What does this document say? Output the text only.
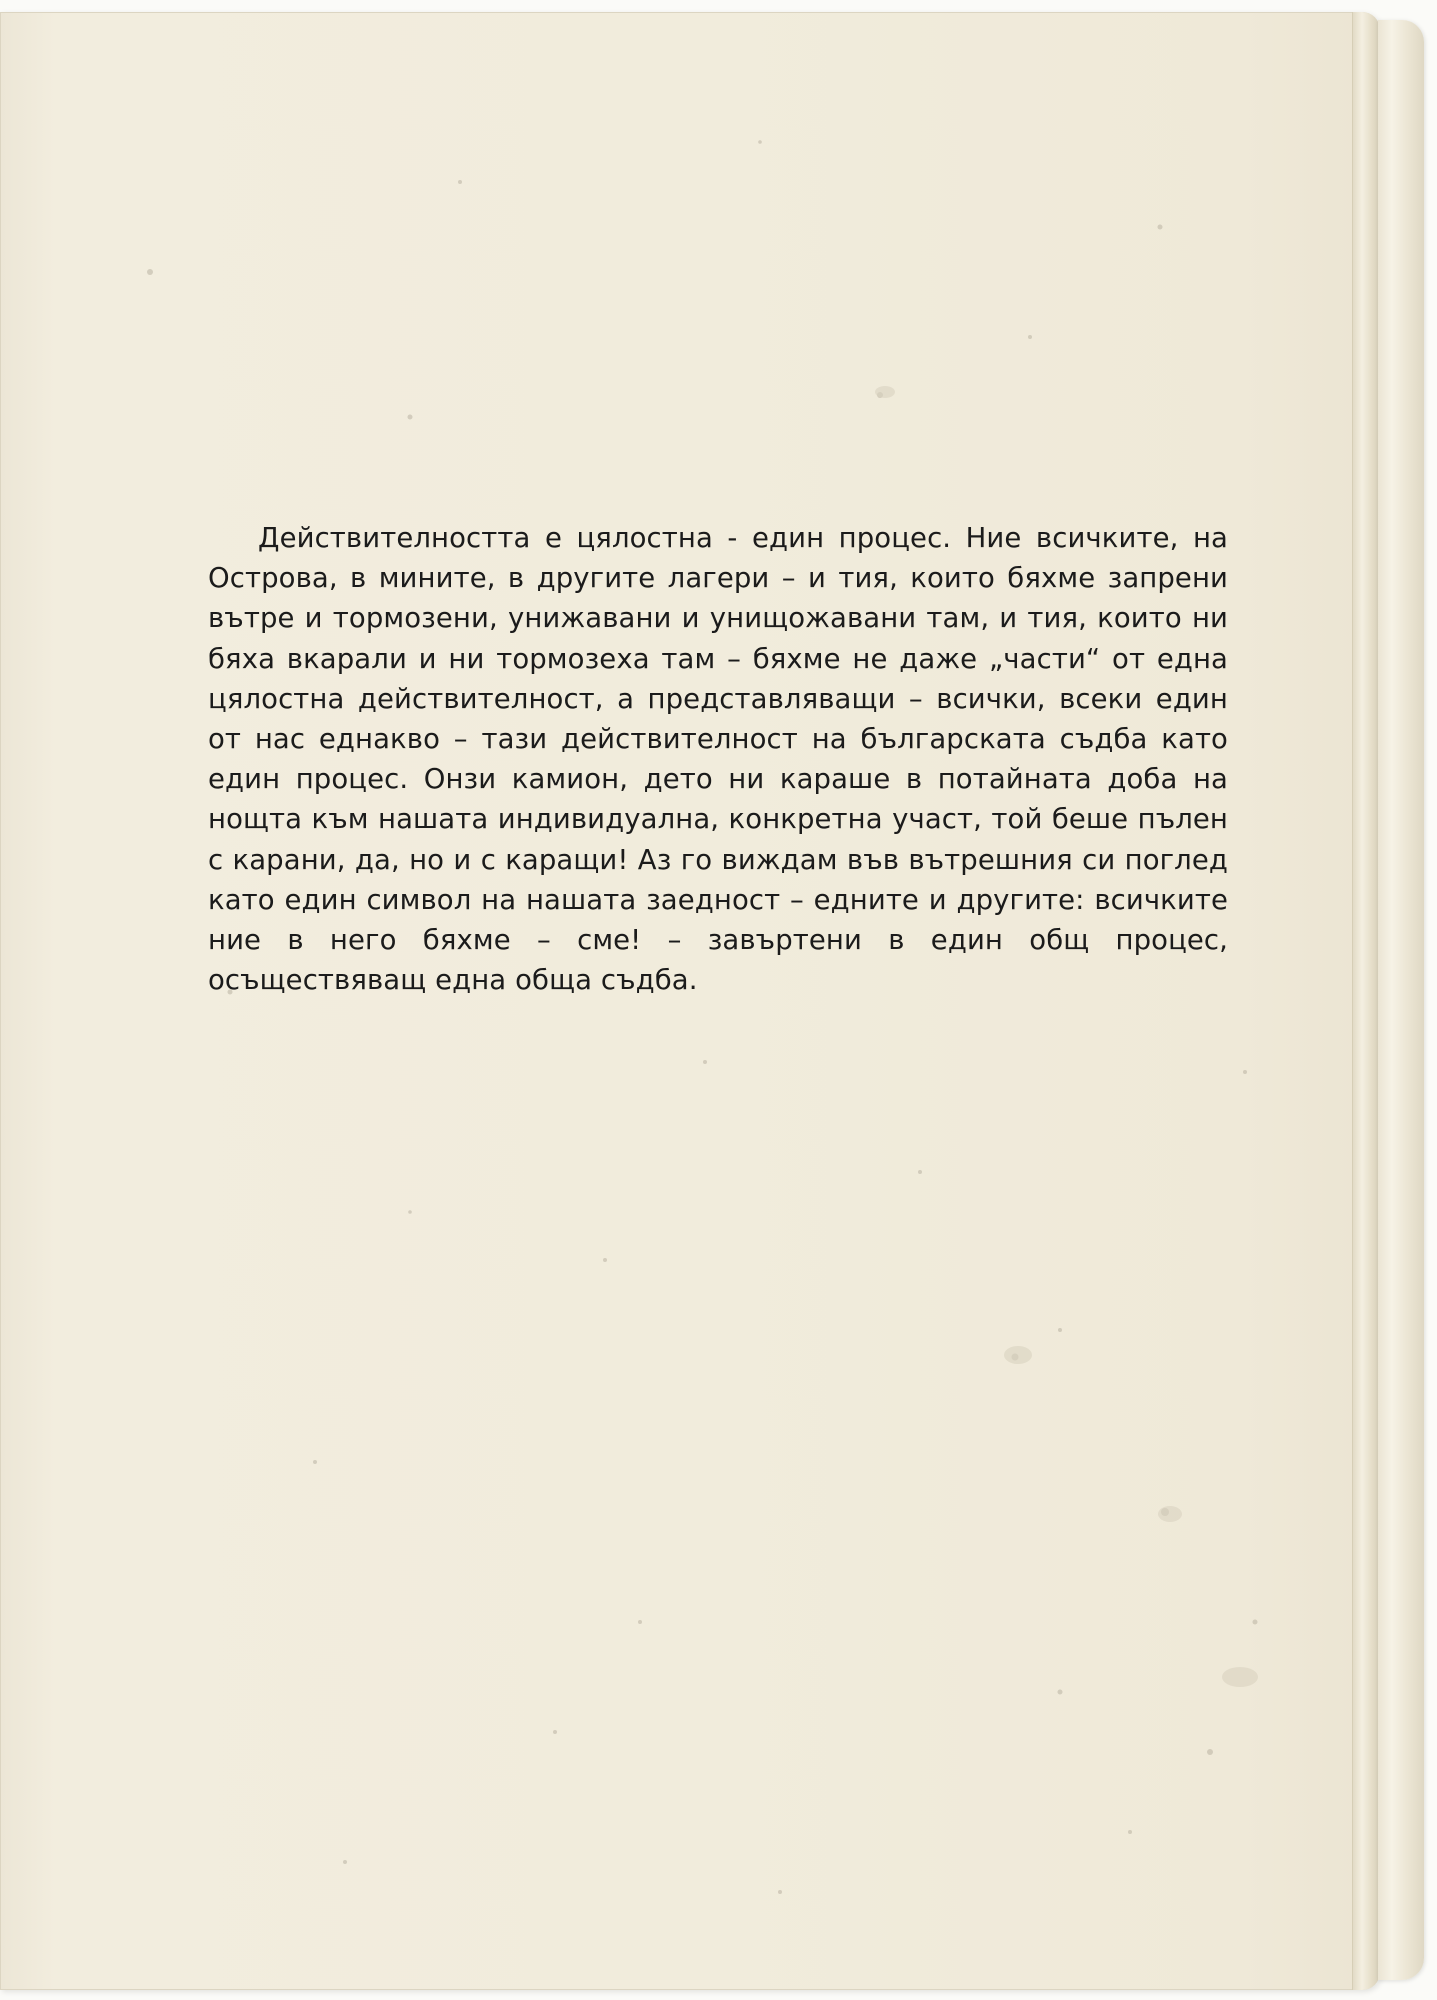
Действителността е цялостна - един процес. Ние всичките, на Острова, в мините, в другите лагери – и тия, които бяхме запрени вътре и тормозени, унижавани и унищожавани там, и тия, които ни бяха вкарали и ни тормозеха там – бяхме не даже „части“ от една цялостна действителност, а представляващи – всички, всеки един от нас еднакво – тази действителност на българската съдба като един процес. Онзи камион, дето ни караше в потайната доба на нощта към нашата индивидуална, конкретна участ, той беше пълен с карани, да, но и с каращи! Аз го виждам във вътрешния си поглед като един символ на нашата заедност – едните и другите: всичките ние в него бяхме – сме! – завъртени в един общ процес, осъществяващ една обща съдба.
